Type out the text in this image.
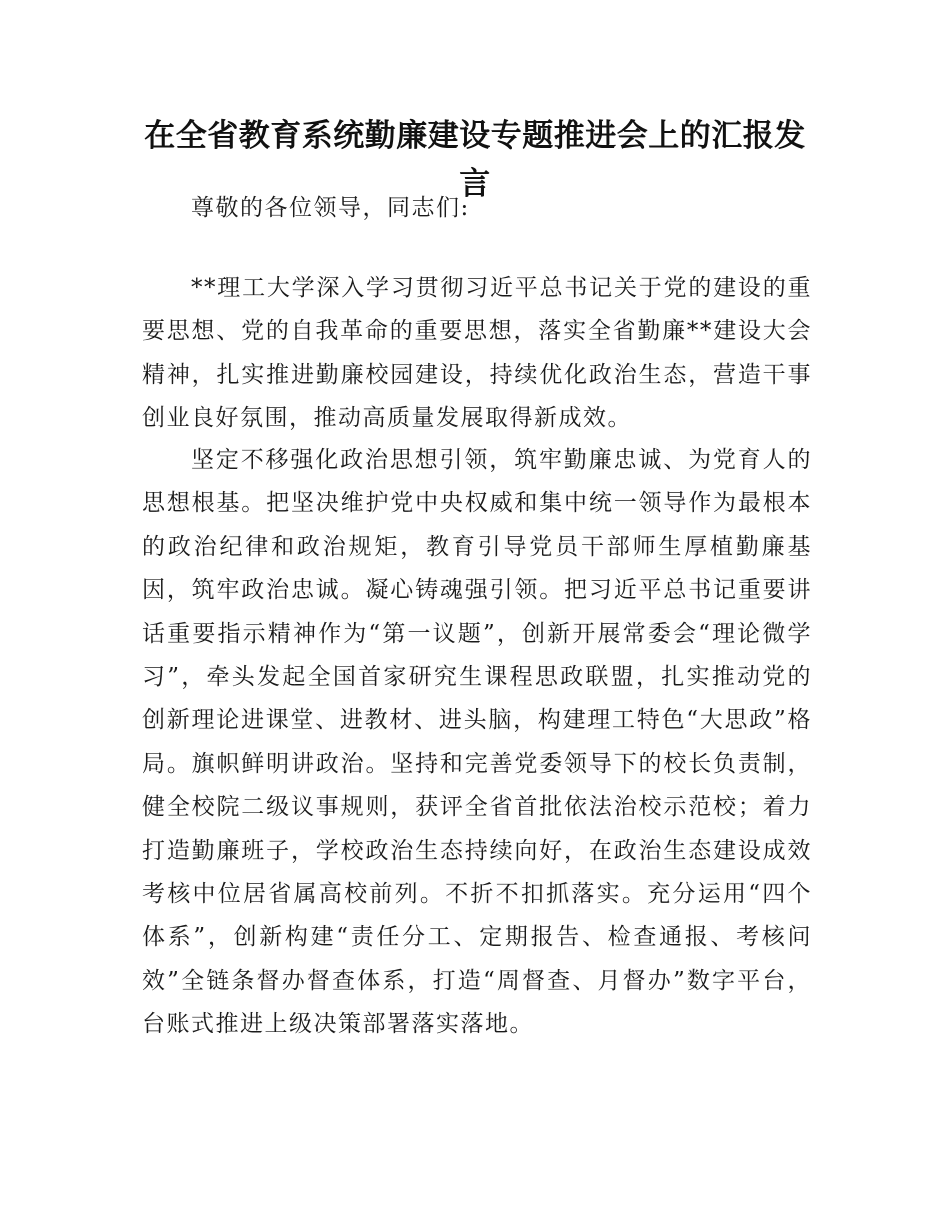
在全省教育系统勤廉建设专题推进会上的汇报发言

尊敬的各位领导，同志们:

**理工大学深入学习贯彻习近平总书记关于党的建设的重要思想、党的自我革命的重要思想，落实全省勤廉**建设大会精神，扎实推进勤廉校园建设，持续优化政治生态，营造干事创业良好氛围，推动高质量发展取得新成效。

坚定不移强化政治思想引领，筑牢勤廉忠诚、为党育人的思想根基。把坚决维护党中央权威和集中统一领导作为最根本的政治纪律和政治规矩，教育引导党员干部师生厚植勤廉基因，筑牢政治忠诚。凝心铸魂强引领。把习近平总书记重要讲话重要指示精神作为“第一议题”，创新开展常委会“理论微学习”，牵头发起全国首家研究生课程思政联盟，扎实推动党的创新理论进课堂、进教材、进头脑，构建理工特色“大思政”格局。旗帜鲜明讲政治。坚持和完善党委领导下的校长负责制，健全校院二级议事规则，获评全省首批依法治校示范校；着力打造勤廉班子，学校政治生态持续向好，在政治生态建设成效考核中位居省属高校前列。不折不扣抓落实。充分运用“四个体系”，创新构建“责任分工、定期报告、检查通报、考核问效”全链条督办督查体系，打造“周督查、月督办”数字平台，台账式推进上级决策部署落实落地。
